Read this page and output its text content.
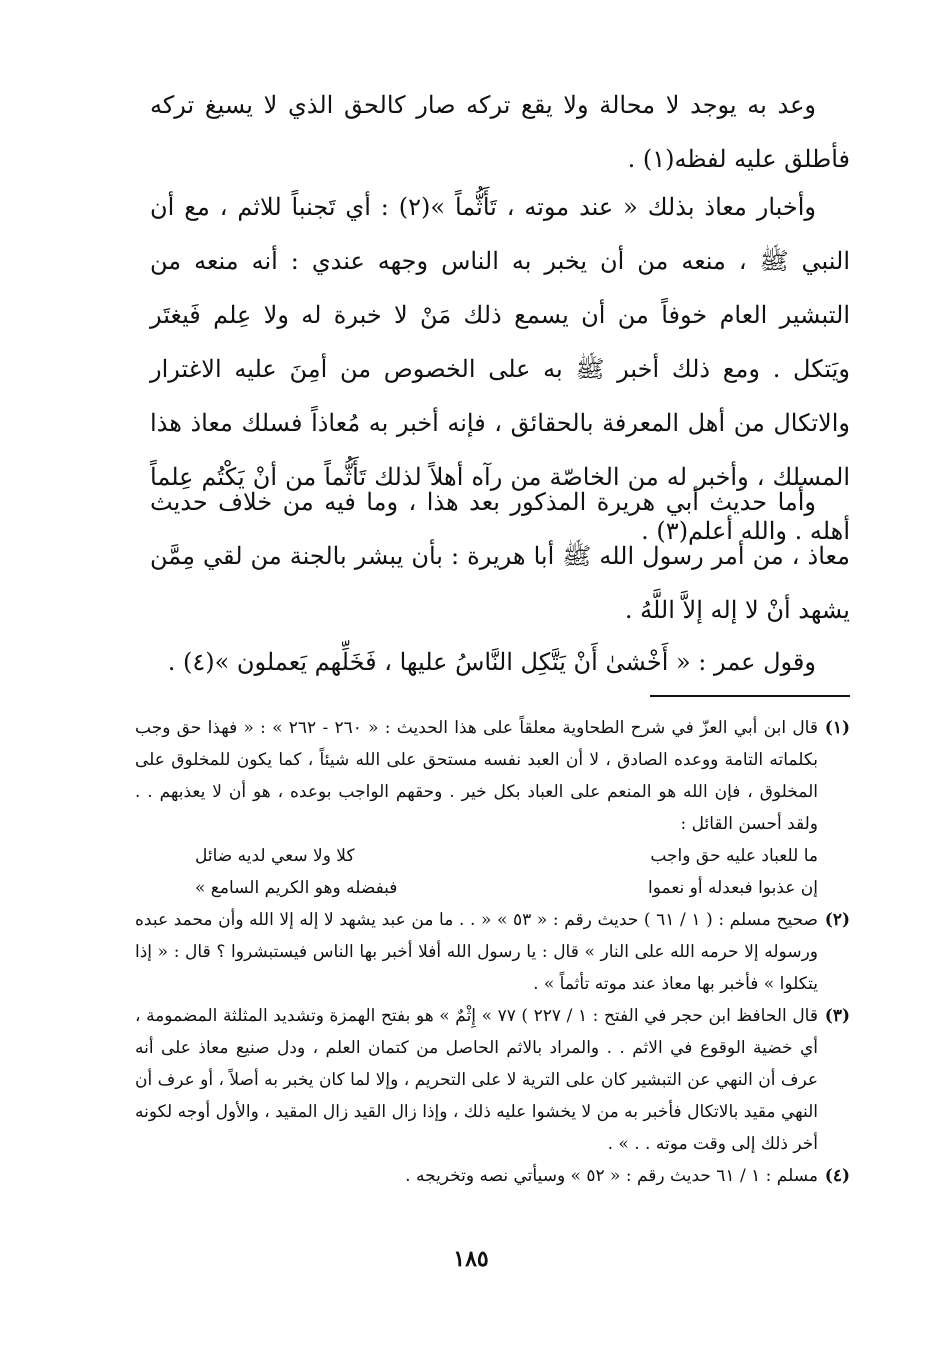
وعد به يوجد لا محالة ولا يقع تركه صار كالحق الذي لا يسيغ تركه فأطلق عليه لفظه(١) .

وأخبار معاذ بذلك « عند موته ، تَأَثُّماً »(٢) : أي تَجنباً للاثم ، مع أن النبي ﷺ ، منعه من أن يخبر به الناس وجهه عندي : أنه منعه من التبشير العام خوفاً من أن يسمع ذلك مَنْ لا خبرة له ولا عِلم فَيغتَر ويَتكل . ومع ذلك أخبر ﷺ به على الخصوص من أمِنَ عليه الاغترار والاتكال من أهل المعرفة بالحقائق ، فإنه أخبر به مُعاذاً فسلك معاذ هذا المسلك ، وأخبر له من الخاصّة من رآه أهلاً لذلك تَأَثُّماً من أنْ يَكْتُم عِلماً أهله . والله أعلم(٣) .

وأما حديث أبي هريرة المذكور بعد هذا ، وما فيه من خلاف حديث معاذ ، من أمر رسول الله ﷺ أبا هريرة : بأن يبشر بالجنة من لقي مِمَّن يشهد أنْ لا إله إلاَّ اللَّهُ .

وقول عمر : « أَخْشىٰ أَنْ يَتَّكِل النَّاسُ عليها ، فَخَلِّهم يَعملون »(٤) .

(١)
قال ابن أبي العزّ في شرح الطحاوية معلقاً على هذا الحديث : « ٢٦٠ - ٢٦٢ » : « فهذا حق وجب بكلماته التامة ووعده الصادق ، لا أن العبد نفسه مستحق على الله شيئاً ، كما يكون للمخلوق على المخلوق ، فإن الله هو المنعم على العباد بكل خير . وحقهم الواجب بوعده ، هو أن لا يعذبهم . . ولقد أحسن القائل :
ما للعباد عليه حق واجب
كلا ولا سعي لديه ضائل
إن عذبوا فبعدله أو نعموا
فبفضله وهو الكريم السامع »
(٢)
صحيح مسلم : ( ١ / ٦١ ) حديث رقم : « ٥٣ » « . . ما من عبد يشهد لا إله إلا الله وأن محمد عبده ورسوله إلا حرمه الله على النار » قال : يا رسول الله أفلا أخبر بها الناس فيستبشروا ؟ قال : « إذا يتكلوا » فأخبر بها معاذ عند موته تأثماً » .
(٣)
قال الحافظ ابن حجر في الفتح : ١ / ٢٢٧ ) ٧٧ » إِثْمٌ » هو بفتح الهمزة وتشديد المثلثة المضمومة ، أي خضية الوقوع في الاثم . . والمراد بالاثم الحاصل من كتمان العلم ، ودل صنيع معاذ على أنه عرف أن النهي عن التبشير كان على الترية لا على التحريم ، وإلا لما كان يخبر به أصلاً ، أو عرف أن النهي مقيد بالاتكال فأخبر به من لا يخشوا عليه ذلك ، وإذا زال القيد زال المقيد ، والأول أوجه لكونه أخر ذلك إلى وقت موته . . » .
(٤)
مسلم : ١ / ٦١ حديث رقم : « ٥٢ » وسيأتي نصه وتخريجه .
١٨٥
